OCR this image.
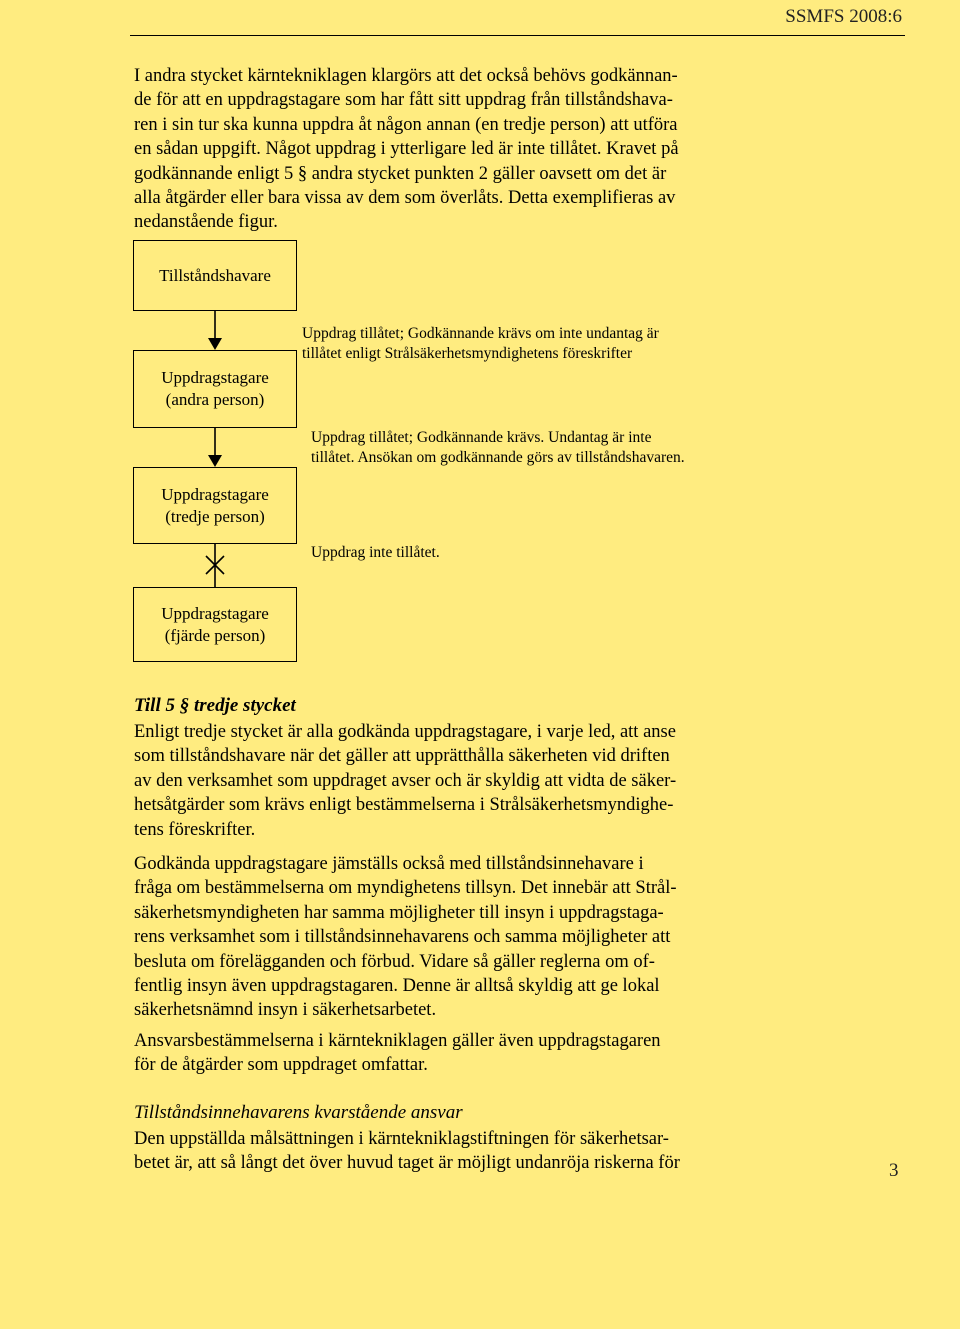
SSMFS 2008:6

I andra stycket kärntekniklagen klargörs att det också behövs godkännan-
de för att en uppdragstagare som har fått sitt uppdrag från tillståndshava-
ren i sin tur ska kunna uppdra åt någon annan (en tredje person) att utföra
en sådan uppgift. Något uppdrag i ytterligare led är inte tillåtet. Kravet på
godkännande enligt 5 § andra stycket punkten 2 gäller oavsett om det är
alla åtgärder eller bara vissa av dem som överlåts. Detta exemplifieras av
nedanstående figur.

Tillståndshavare
Uppdragstagare
(andra person)
Uppdragstagare
(tredje person)
Uppdragstagare
(fjärde person)

Uppdrag tillåtet; Godkännande krävs om inte undantag är
tillåtet enligt Strålsäkerhetsmyndighetens föreskrifter

Uppdrag tillåtet; Godkännande krävs. Undantag är inte
tillåtet. Ansökan om godkännande görs av tillståndshavaren.

Uppdrag inte tillåtet.

Till 5 § tredje stycket

Enligt tredje stycket är alla godkända uppdragstagare, i varje led, att anse
som tillståndshavare när det gäller att upprätthålla säkerheten vid driften
av den verksamhet som uppdraget avser och är skyldig att vidta de säker-
hetsåtgärder som krävs enligt bestämmelserna i Strålsäkerhetsmyndighe-
tens föreskrifter.

Godkända uppdragstagare jämställs också med tillståndsinnehavare i
fråga om bestämmelserna om myndighetens tillsyn. Det innebär att Strål-
säkerhetsmyndigheten har samma möjligheter till insyn i uppdragstaga-
rens verksamhet som i tillståndsinnehavarens och samma möjligheter att
besluta om förelägganden och förbud. Vidare så gäller reglerna om of-
fentlig insyn även uppdragstagaren. Denne är alltså skyldig att ge lokal
säkerhetsnämnd insyn i säkerhetsarbetet.

Ansvarsbestämmelserna i kärntekniklagen gäller även uppdragstagaren
för de åtgärder som uppdraget omfattar.

Tillståndsinnehavarens kvarstående ansvar

Den uppställda målsättningen i kärntekniklagstiftningen för säkerhetsar-
betet är, att så långt det över huvud taget är möjligt undanröja riskerna för	3
